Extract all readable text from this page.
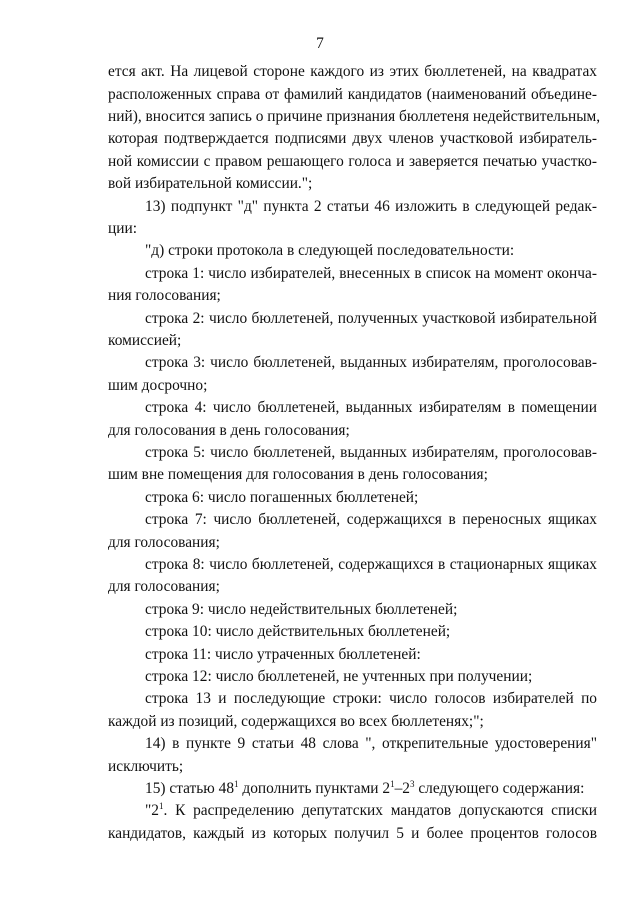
7
ется акт. На лицевой стороне каждого из этих бюллетеней, на квадратах
расположенных справа от фамилий кандидатов (наименований объедине-
ний), вносится запись о причине признания бюллетеня недействительным,
которая подтверждается подписями двух членов участковой избиратель-
ной комиссии с правом решающего голоса и заверяется печатью участко-
вой избирательной комиссии.";
13) подпункт "д" пункта 2 статьи 46 изложить в следующей редак-
ции:
"д) строки протокола в следующей последовательности:
строка 1: число избирателей, внесенных в список на момент оконча-
ния голосования;
строка 2: число бюллетеней, полученных участковой избирательной
комиссией;
строка 3: число бюллетеней, выданных избирателям, проголосовав-
шим досрочно;
строка 4: число бюллетеней, выданных избирателям в помещении
для голосования в день голосования;
строка 5: число бюллетеней, выданных избирателям, проголосовав-
шим вне помещения для голосования в день голосования;
строка 6: число погашенных бюллетеней;
строка 7: число бюллетеней, содержащихся в переносных ящиках
для голосования;
строка 8: число бюллетеней, содержащихся в стационарных ящиках
для голосования;
строка 9: число недействительных бюллетеней;
строка 10: число действительных бюллетеней;
строка 11: число утраченных бюллетеней:
строка 12: число бюллетеней, не учтенных при получении;
строка 13 и последующие строки: число голосов избирателей по
каждой из позиций, содержащихся во всех бюллетенях;";
14) в пункте 9 статьи 48 слова ", открепительные удостоверения"
исключить;
15) статью $48^1$ дополнить пунктами $2^1-2^3$ следующего содержания:
"$2^1$. К распределению депутатских мандатов допускаются списки
кандидатов, каждый из которых получил 5 и более процентов голосов
